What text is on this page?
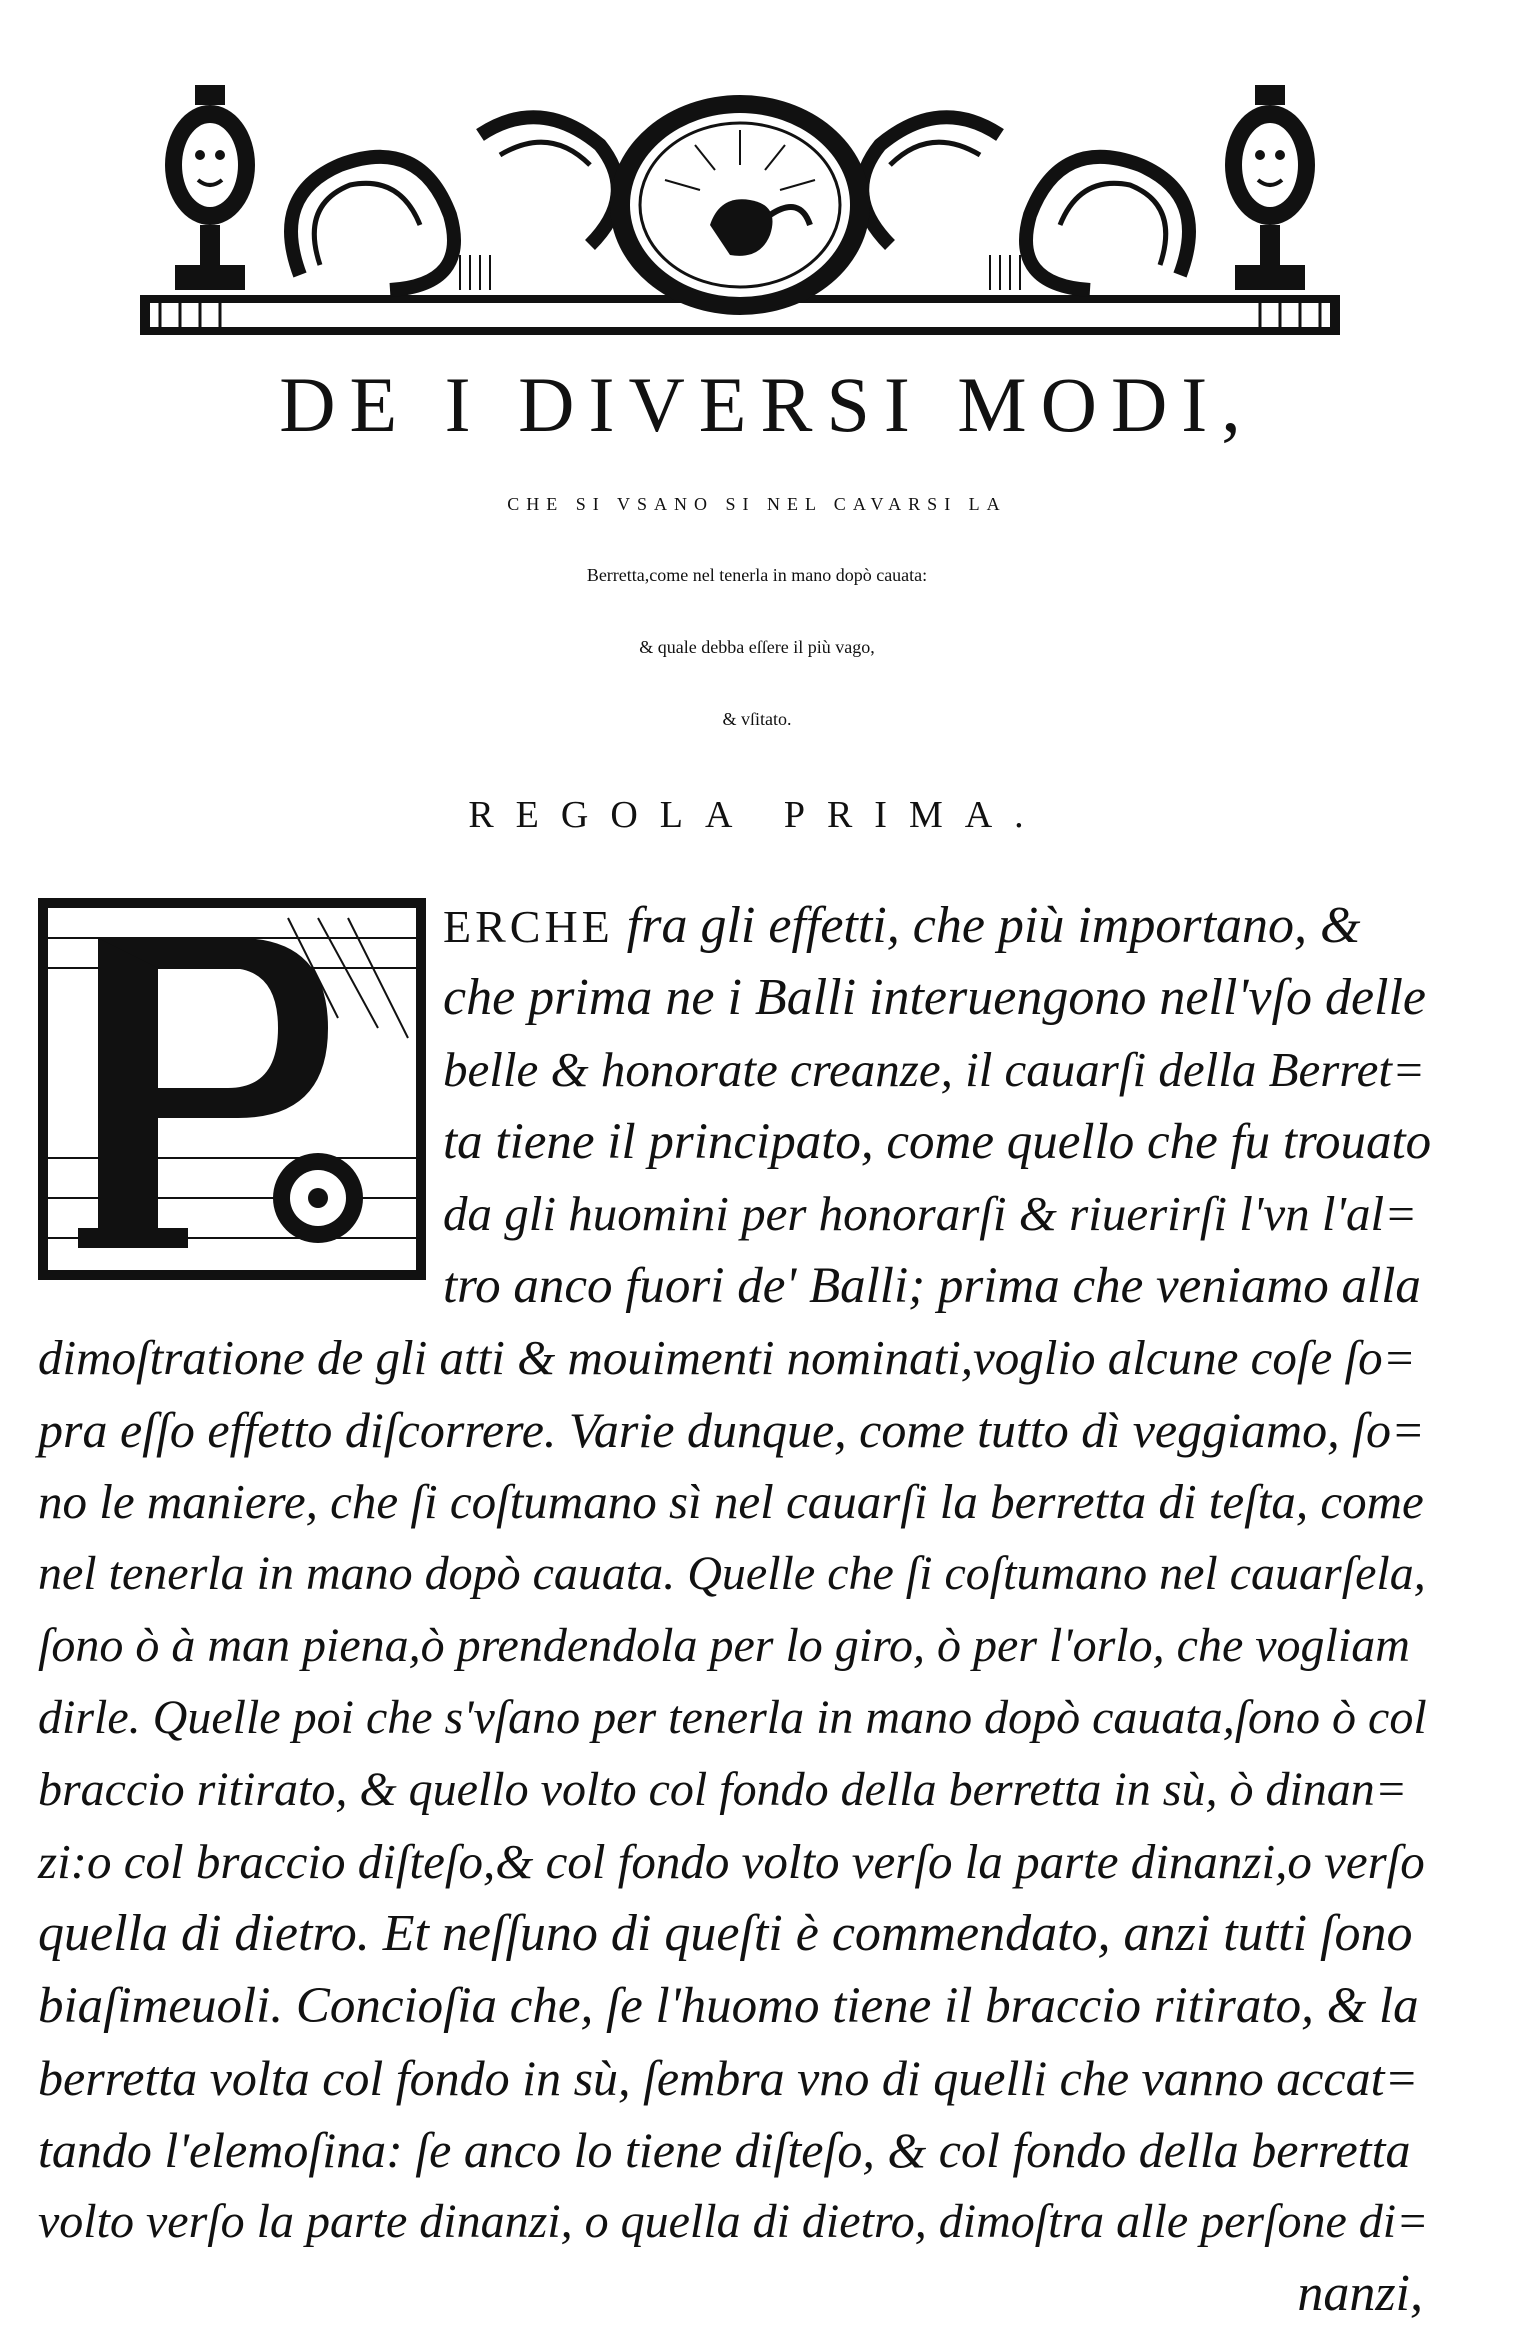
DE I DIVERSI MODI,
CHE SI VSANO SI NEL CAVARSI LA
Berretta,come nel tenerla in mano dopò cauata:
& quale debba eſſere il più vago,
& vſitato.
REGOLA PRIMA.
ERCHE fra gli effetti, che più importano, &
che prima ne i Balli interuengono nell'vſo delle
belle & honorate creanze, il cauarſi della Berret=
ta tiene il principato, come quello che fu trouato
da gli huomini per honorarſi & riuerirſi l'vn l'al=
tro anco fuori de' Balli; prima che veniamo alla
dimoſtratione de gli atti & mouimenti nominati,voglio alcune coſe ſo=
pra eſſo effetto diſcorrere. Varie dunque, come tutto dì veggiamo, ſo=
no le maniere, che ſi coſtumano sì nel cauarſi la berretta di teſta, come
nel tenerla in mano dopò cauata. Quelle che ſi coſtumano nel cauarſela,
ſono ò à man piena,ò prendendola per lo giro, ò per l'orlo, che vogliam
dirle. Quelle poi che s'vſano per tenerla in mano dopò cauata,ſono ò col
braccio ritirato, & quello volto col fondo della berretta in sù, ò dinan=
zi:o col braccio diſteſo,& col fondo volto verſo la parte dinanzi,o verſo
quella di dietro. Et neſſuno di queſti è commendato, anzi tutti ſono
biaſimeuoli. Concioſia che, ſe l'huomo tiene il braccio ritirato, & la
berretta volta col fondo in sù, ſembra vno di quelli che vanno accat=
tando l'elemoſina: ſe anco lo tiene diſteſo, & col fondo della berretta
volto verſo la parte dinanzi, o quella di dietro, dimoſtra alle perſone di=
nanzi,
